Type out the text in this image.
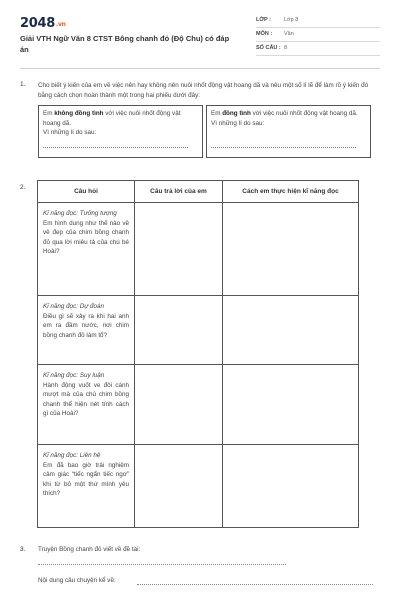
2048.vn
Giải VTH Ngữ Văn 8 CTST Bông chanh đỏ (Độ Chu) có đáp án
LỚP : Lớp 8
MÔN : Văn
SỐ CÂU : 8
1. Cho biết ý kiến của em về việc nên hay không nên nuôi nhốt động vật hoang dã và nêu một số lí lẽ để làm rõ ý kiến đó bằng cách chọn hoàn thành một trong hai phiếu dưới đây:
Em không đồng tình với việc nuôi nhốt động vật hoang dã.
Vì những lí do sau:
Em đồng tình với việc nuôi nhốt động vật hoang dã.
Vì những lí do sau:
2.
Câu hỏi	Câu trả lời của em	Cách em thực hiện kĩ năng đọc

Kĩ năng đọc: Tưởng tượng
Em hình dung như thế nào về vẻ đẹp của chim bồng chanh đỏ qua lời miêu tả của chú bé Hoài?		

Kĩ năng đọc: Dự đoán
Điều gì sẽ xảy ra khi hai anh em ra đầm nước, nơi chim bồng chanh đỏ làm tổ?		

Kĩ năng đọc: Suy luận
Hành động vuốt ve đôi cánh mượt mà của chú chim bồng chanh thể hiện nét tính cách gì của Hoài?		

Kĩ năng đọc: Liên hệ
Em đã bao giờ trải nghiệm cảm giác “tiếc ngẩn tiếc ngơ” khi từ bỏ một thứ mình yêu thích?		
3. Truyện Bồng chanh đỏ viết về đề tài:
Nội dung câu chuyện kể về:
